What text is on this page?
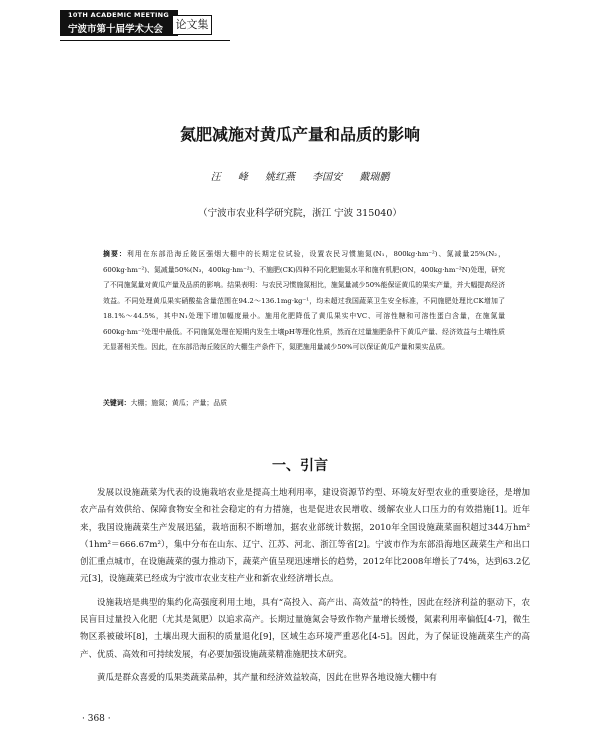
10TH ACADEMIC MEETING
宁波市第十届学术大会	论文集
氮肥减施对黄瓜产量和品质的影响
汪 峰 姚红燕 李国安 戴瑞鹏
（宁波市农业科学研究院，浙江 宁波 315040）
摘要：利用在东部沿海丘陵区强烟大棚中的长期定位试验，设置农民习惯施氮(N₁，800kg·hm⁻²)、氮减量25%(N₂，600kg·hm⁻²)、氮减量50%(N₃，400kg·hm⁻²)、不施肥(CK)四种不同化肥施氮水平和施有机肥(ON，400kg·hm⁻²N)处理，研究了不同施氮量对黄瓜产量及品质的影响。结果表明：与农民习惯施氮相比，施氮量减少50%能保证黄瓜的果实产量，并大幅提高经济效益。不同处理黄瓜果实硝酸盐含量范围在94.2～136.1mg·kg⁻¹，均未超过我国蔬菜卫生安全标准，不同施肥处理比CK增加了18.1%～44.5%，其中N₁处理下增加幅度最小。施用化肥降低了黄瓜果实中VC、可溶性糖和可溶性蛋白含量，在施氮量600kg·hm⁻²处理中最低。不同施氮处理在短期内发生土壤pH等理化性质，然而在过量施肥条件下黄瓜产量、经济效益与土壤性质无显著相关性。因此，在东部沿海丘陵区的大棚生产条件下，氮肥施用量减少50%可以保证黄瓜产量和果实品质。
关键词：大棚；施氮；黄瓜；产量；品质
一、引言

发展以设施蔬菜为代表的设施栽培农业是提高土地利用率，建设资源节约型、环境友好型农业的重要途径，是增加农产品有效供给、保障食物安全和社会稳定的有力措施，也是促进农民增收、缓解农业人口压力的有效措施[1]。近年来，我国设施蔬菜生产发展迅猛，栽培面积不断增加，据农业部统计数据，2010年全国设施蔬菜面积超过344万hm²（1hm²＝666.67m²），集中分布在山东、辽宁、江苏、河北、浙江等省[2]。宁波市作为东部沿海地区蔬菜生产和出口创汇重点城市，在设施蔬菜的强力推动下，蔬菜产值呈现迅速增长的趋势，2012年比2008年增长了74%，达到63.2亿元[3]，设施蔬菜已经成为宁波市农业支柱产业和新农业经济增长点。

设施栽培是典型的集约化高强度利用土地，具有“高投入、高产出、高效益”的特性，因此在经济利益的驱动下，农民盲目过量投入化肥（尤其是氮肥）以追求高产。长期过量施氮会导致作物产量增长缓慢，氮素利用率偏低[4-7]，微生物区系被破坏[8]，土壤出现大面积的质量退化[9]，区域生态环境严重恶化[4-5]。因此，为了保证设施蔬菜生产的高产、优质、高效和可持续发展，有必要加强设施蔬菜精准施肥技术研究。

黄瓜是群众喜爱的瓜果类蔬菜品种，其产量和经济效益较高，因此在世界各地设施大棚中有

· 368 ·
